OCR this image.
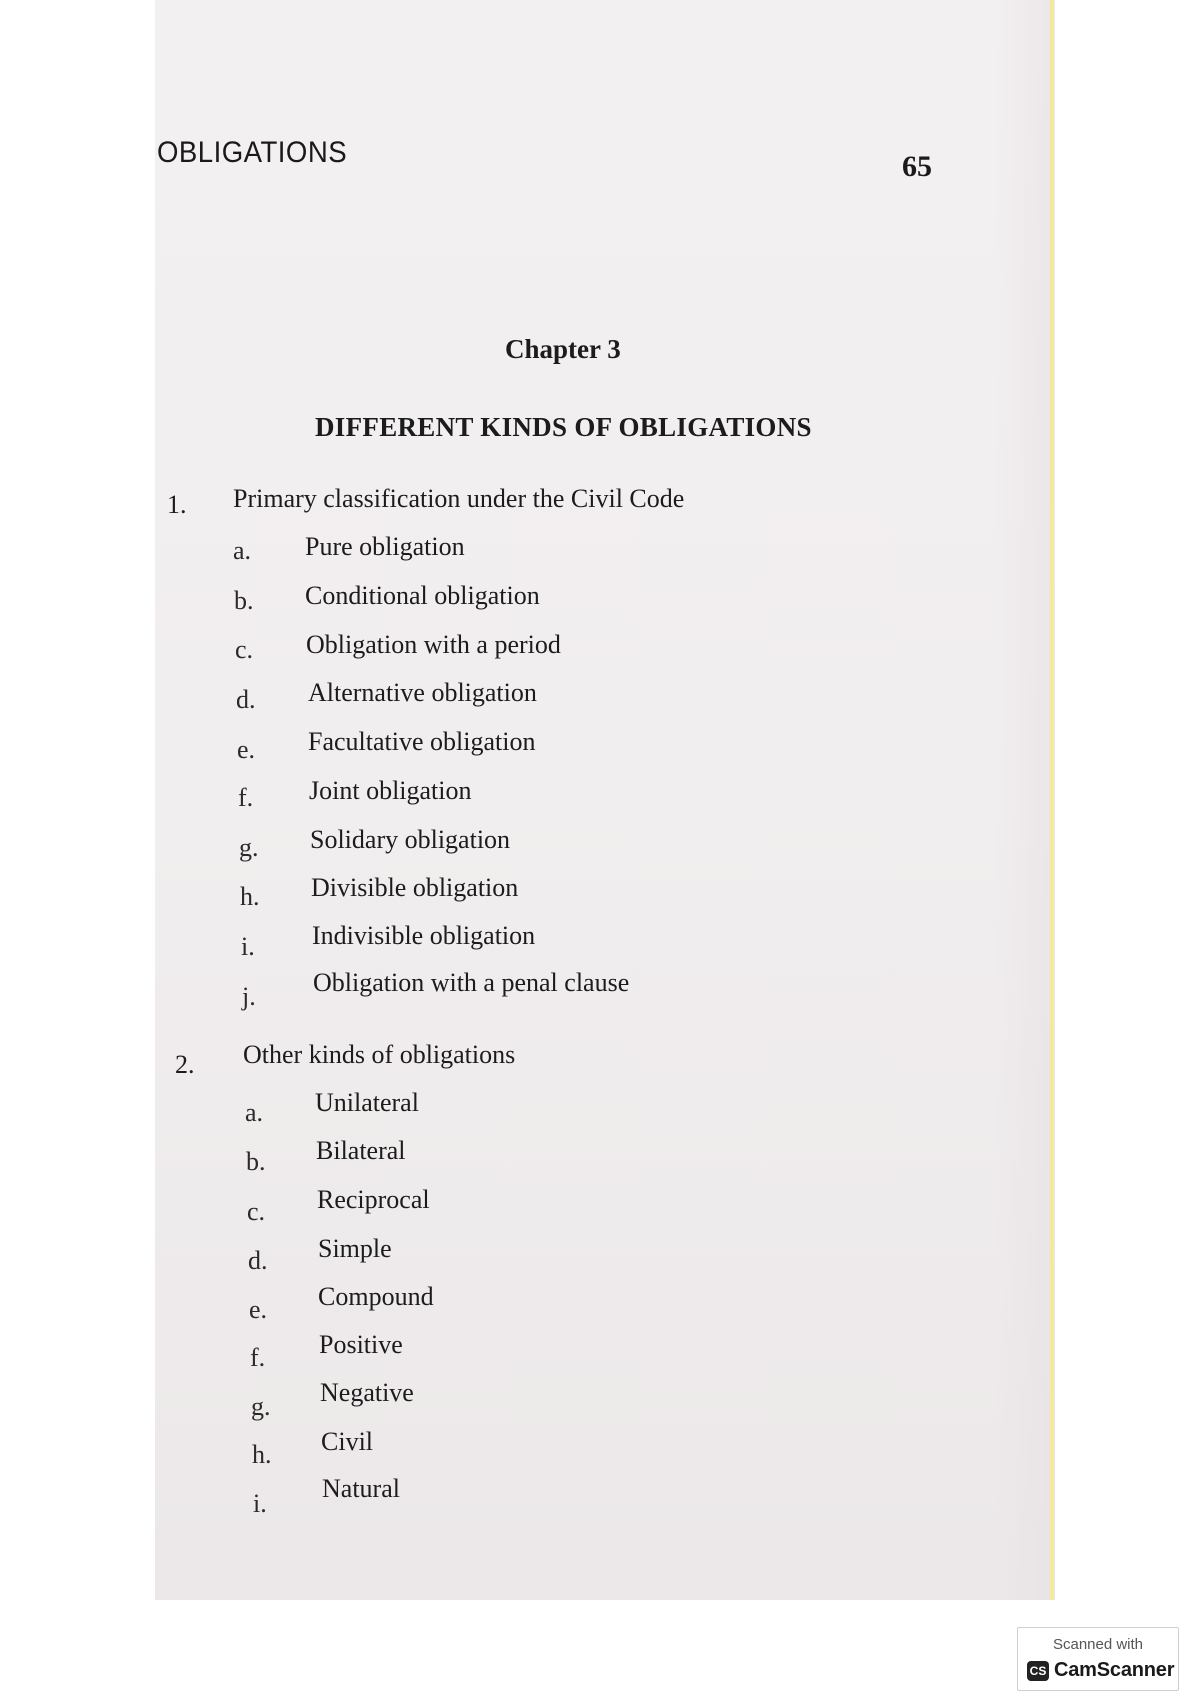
OBLIGATIONS	65
Chapter 3
DIFFERENT KINDS OF OBLIGATIONS
1. Primary classification under the Civil Code
a. Pure obligation
b. Conditional obligation
c. Obligation with a period
d. Alternative obligation
e. Facultative obligation
f. Joint obligation
g. Solidary obligation
h. Divisible obligation
i. Indivisible obligation
j. Obligation with a penal clause
2. Other kinds of obligations
a. Unilateral
b. Bilateral
c. Reciprocal
d. Simple
e. Compound
f. Positive
g. Negative
h. Civil
i.
Natural
Scanned with
CS CamScanner
